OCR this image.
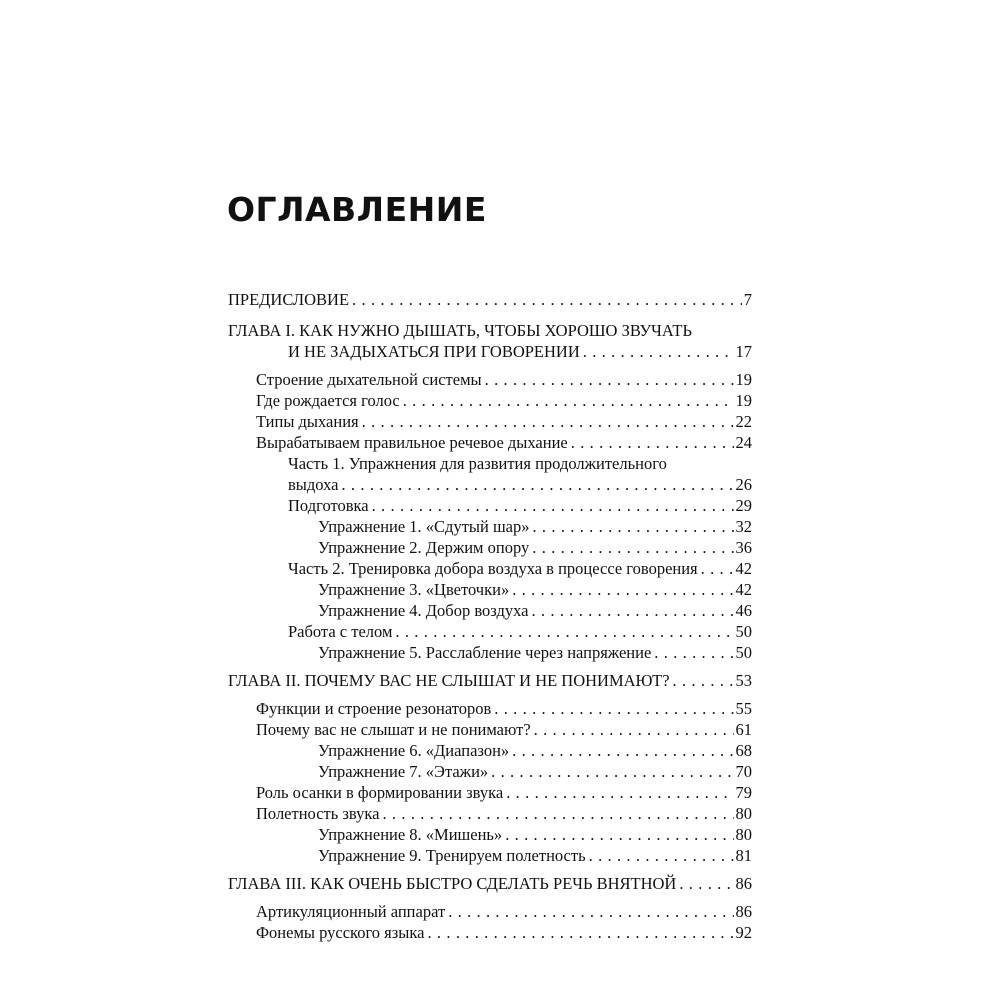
ОГЛАВЛЕНИЕ
ПРЕДИСЛОВИЕ . . .	7
ГЛАВА I. КАК НУЖНО ДЫШАТЬ, ЧТОБЫ ХОРОШО ЗВУЧАТЬ
И НЕ ЗАДЫХАТЬСЯ ПРИ ГОВОРЕНИИ . . .	17
Строение дыхательной системы . . .	19
Где рождается голос . . .	19
Типы дыхания . . .	22
Вырабатываем правильное речевое дыхание . . .	24
Часть 1. Упражнения для развития продолжительного
выдоха . . .	26
Подготовка . . .	29
Упражнение 1. «Сдутый шар» . . .	32
Упражнение 2. Держим опору . . .	36
Часть 2. Тренировка добора воздуха в процессе говорения . . . 42
Упражнение 3. «Цветочки» . . .	42
Упражнение 4. Добор воздуха . . .	46
Работа с телом . . .	50
Упражнение 5. Расслабление через напряжение . . .	50
ГЛАВА II. ПОЧЕМУ ВАС НЕ СЛЫШАТ И НЕ ПОНИМАЮТ? . . .	53
Функции и строение резонаторов . . .	55
Почему вас не слышат и не понимают? . . .	61
Упражнение 6. «Диапазон» . . .	68
Упражнение 7. «Этажи» . . .	70
Роль осанки в формировании звука . . .	79
Полетность звука . . .	80
Упражнение 8. «Мишень» . . .	80
Упражнение 9. Тренируем полетность . . .	81
ГЛАВА III. КАК ОЧЕНЬ БЫСТРО СДЕЛАТЬ РЕЧЬ ВНЯТНОЙ . . .	86
Артикуляционный аппарат . . .	86
Фонемы русского языка . . .	92
